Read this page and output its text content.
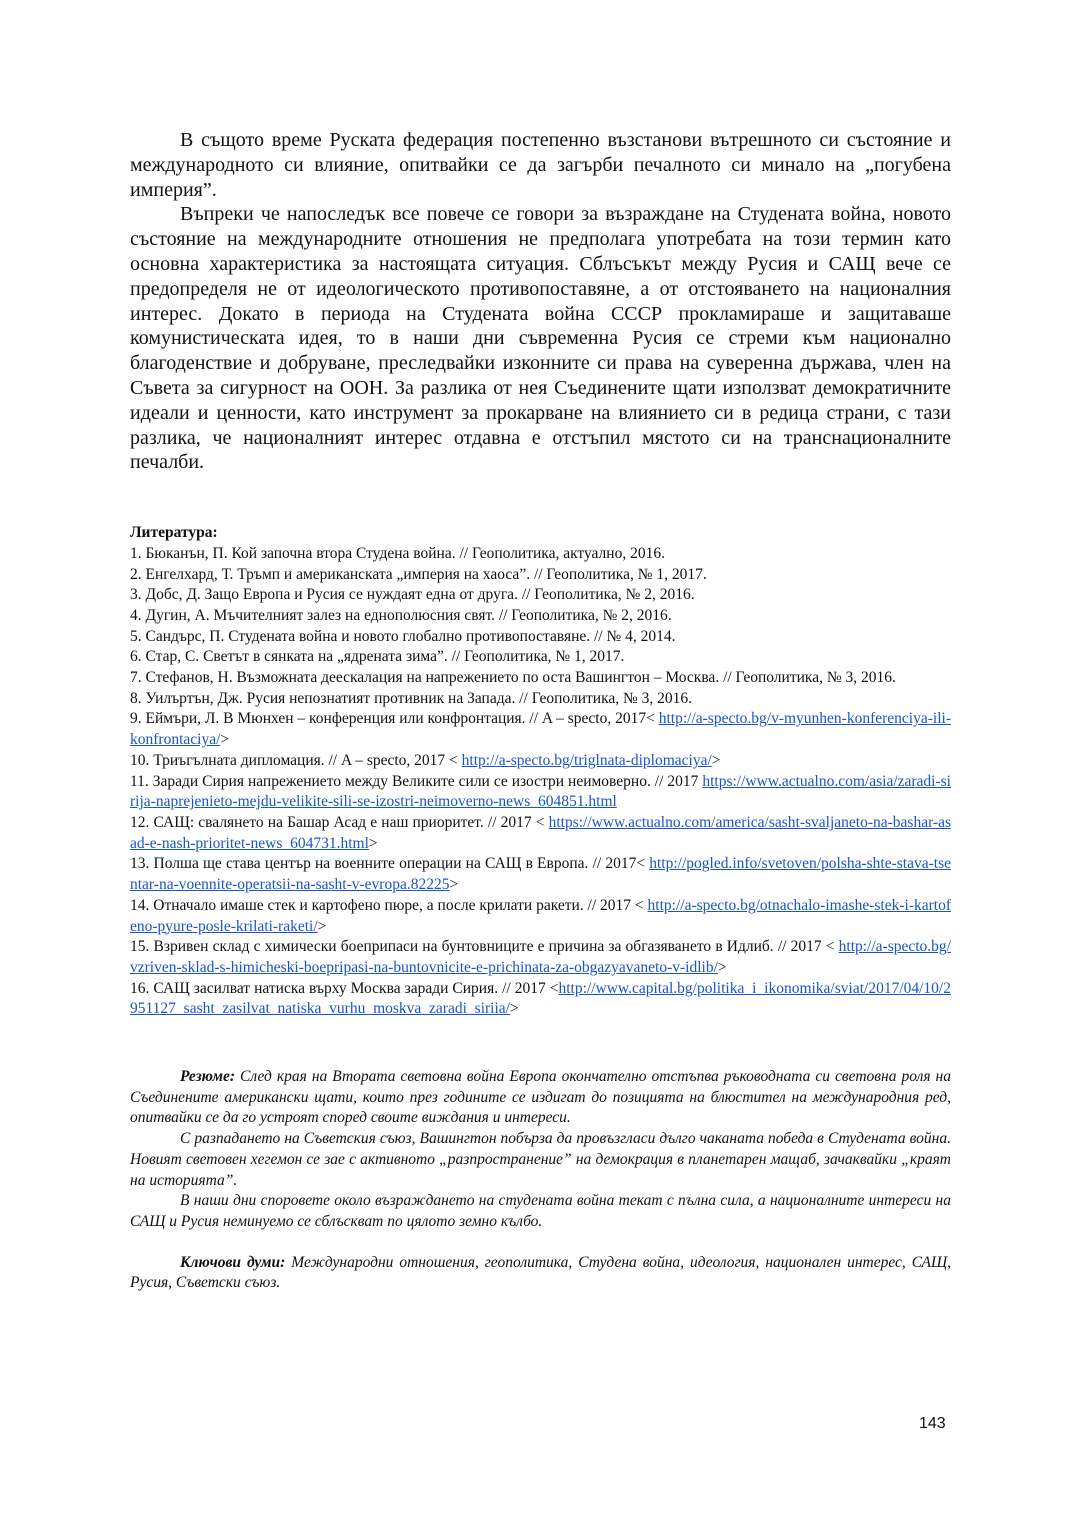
В същото време Руската федерация постепенно възстанови вътрешното си състояние и международното си влияние, опитвайки се да загърби печалното си минало на „погубена империя”.

Въпреки че напоследък все повече се говори за възраждане на Студената война, новото състояние на международните отношения не предполага употребата на този термин като основна характеристика за настоящата ситуация. Сблъсъкът между Русия и САЩ вече се предопределя не от идеологическото противопоставяне, а от отстояването на националния интерес. Докато в периода на Студената война СССР прокламираше и защитаваше комунистическата идея, то в наши дни съвременна Русия се стреми към национално благоденствие и добруване, преследвайки изконните си права на суверенна държава, член на Съвета за сигурност на ООН. За разлика от нея Съединените щати използват демократичните идеали и ценности, като инструмент за прокарване на влиянието си в редица страни, с тази разлика, че националният интерес отдавна е отстъпил мястото си на транснационалните печалби.

Литература:

1. Бюканън, П. Кой започна втора Студена война. // Геополитика, актуално, 2016.

2. Енгелхард, Т. Тръмп и американската „империя на хаоса”. // Геополитика, № 1, 2017.

3. Добс, Д. Защо Европа и Русия се нуждаят една от друга. // Геополитика, № 2, 2016.

4. Дугин, А. Мъчителният залез на еднополюсния свят. // Геополитика, № 2, 2016.

5. Сандърс, П. Студената война и новото глобално противопоставяне. // № 4, 2014.

6. Стар, С. Светът в сянката на „ядрената зима”. // Геополитика, № 1, 2017.

7. Стефанов, Н. Възможната деескалация на напрежението по оста Вашингтон – Москва. // Геополитика, № 3, 2016.

8. Уилъртън, Дж. Русия непознатият противник на Запада. // Геополитика, № 3, 2016.

9. Еймъри, Л. В Мюнхен – конференция или конфронтация. // A – specto, 2017< http://a-specto.bg/v-myunhen-konferenciya-ili-konfrontaciya/>

10. Триъгълната дипломация. // A – specto, 2017 < http://a-specto.bg/triglnata-diplomaciya/>

11. Заради Сирия напрежението между Великите сили се изостри неимоверно. // 2017 https://www.actualno.com/asia/zaradi-sirija-naprejenieto-mejdu-velikite-sili-se-izostri-neimoverno-news_604851.html

12. САЩ: свалянето на Башар Асад е наш приоритет. // 2017 < https://www.actualno.com/america/sasht-svaljaneto-na-bashar-asad-e-nash-prioritet-news_604731.html>

13. Полша ще става център на военните операции на САЩ в Европа. // 2017< http://pogled.info/svetoven/polsha-shte-stava-tsentar-na-voennite-operatsii-na-sasht-v-evropa.82225>

14. Отначало имаше стек и картофено пюре, а после крилати ракети. // 2017 < http://a-specto.bg/otnachalo-imashe-stek-i-kartofeno-pyure-posle-krilati-raketi/>

15. Взривен склад с химически боеприпаси на бунтовниците е причина за обгазяването в Идлиб. // 2017 < http://a-specto.bg/vzriven-sklad-s-himicheski-boepripasi-na-buntovnicite-e-prichinata-za-obgazyavaneto-v-idlib/>

16. САЩ засилват натиска върху Москва заради Сирия. // 2017 <http://www.capital.bg/politika_i_ikonomika/sviat/2017/04/10/2951127_sasht_zasilvat_natiska_vurhu_moskva_zaradi_siriia/>

Резюме: След края на Втората световна война Европа окончателно отстъпва ръководната си световна роля на Съединените американски щати, които през годините се издигат до позицията на блюстител на международния ред, опитвайки се да го устроят според своите виждания и интереси.

С разпадането на Съветския съюз, Вашингтон побърза да провъзгласи дълго чаканата победа в Студената война. Новият световен хегемон се зае с активното „разпространение” на демокрация в планетарен мащаб, зачаквайки „краят на историята”.

В наши дни споровете около възраждането на студената война текат с пълна сила, а националните интереси на САЩ и Русия неминуемо се сблъскват по цялото земно кълбо.

Ключови думи: Международни отношения, геополитика, Студена война, идеология, национален интерес, САЩ, Русия, Съветски съюз.

143
